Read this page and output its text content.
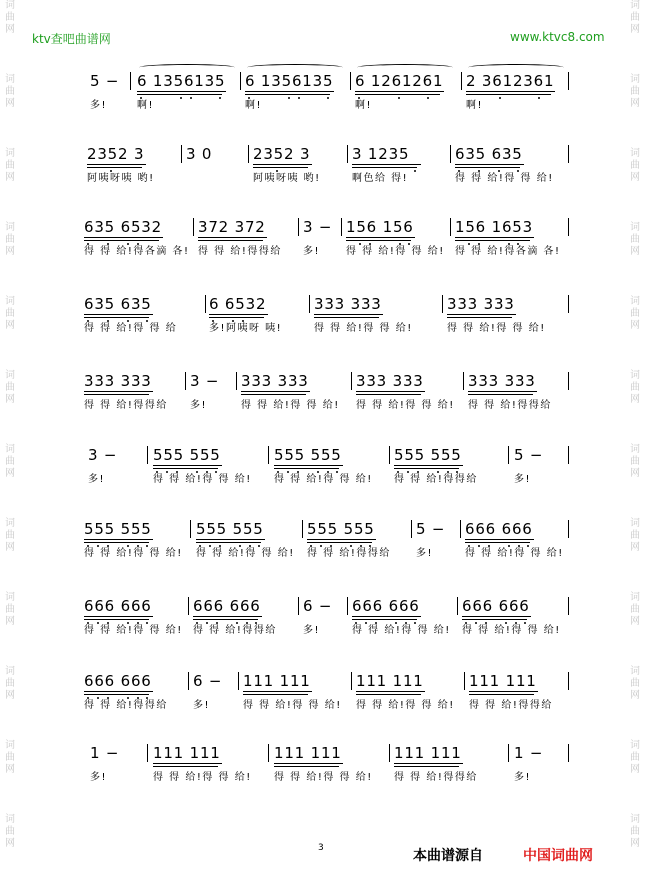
ktv查吧曲谱网	www.ktvc8.com
词
曲
网
词
曲
网
词
曲
网
词
曲
网
词
曲
网
词
曲
网
词
曲
网
词
曲
网
词
曲
网
词
曲
网
词
曲
网
词
曲
网
词
曲
网
词
曲
网
词
曲
网
词
曲
网
词
曲
网
词
曲
网
词
曲
网
词
曲
网
词
曲
网
词
曲
网
词
曲
网
词
曲
网
5 −
多!
6 1356135
啊!
6 1356135
啊!
6 1261261
啊!
2 3612361
啊!
2352 3
阿咦呀咦 哟!
3 0	2352 3
阿咦呀咦 哟!
3 1235
啊色给 得!
635 635
得 得 给!得 得 给!
635 6532
得 得 给!得各滴 各!
372 372
得 得 给!得得给
3 −
多!
156 156
得 得 给!得 得 给!
156 1653
得 得 给!得各滴 各!
635 635
得 得 给!得 得 给
6 6532
多!阿咦呀 咦!
333 333
得 得 给!得 得 给!
333 333
得 得 给!得 得 给!
333 333
得 得 给!得得给
3 −
多!
333 333
得 得 给!得 得 给!
333 333
得 得 给!得 得 给!
333 333
得 得 给!得得给
3 −
多!
555 555
得 得 给!得 得 给!
555 555
得 得 给!得 得 给!
555 555
得 得 给!得得给
5 −
多!
555 555
得 得 给!得 得 给!
555 555
得 得 给!得 得 给!
555 555
得 得 给!得得给
5 −
多!
666 666
得 得 给!得 得 给!
666 666
得 得 给!得 得 给!
666 666
得 得 给!得得给
6 −
多!
666 666
得 得 给!得 得 给!
666 666
得 得 给!得 得 给!
666 666
得 得 给!得得给
6 −
多!
111 111
得 得 给!得 得 给!
111 111
得 得 给!得 得 给!
111 111
得 得 给!得得给
1 −
多!
111 111
得 得 给!得 得 给!
111 111
得 得 给!得 得 给!
111 111
得 得 给!得得给
1 −
多!
3	本曲谱源自	中国词曲网
